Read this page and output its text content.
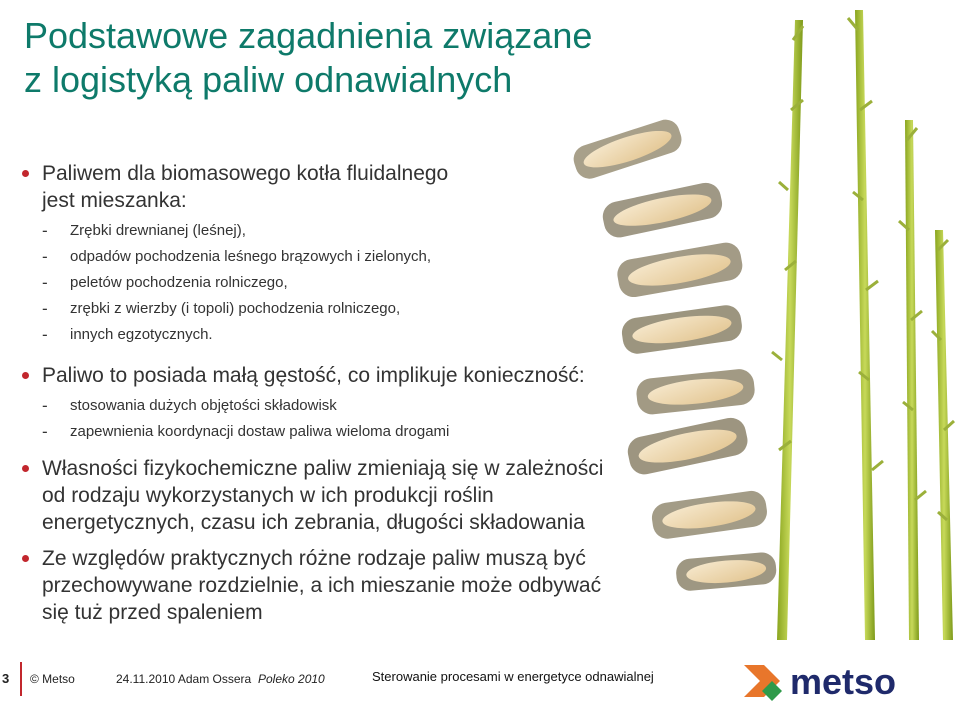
Podstawowe zagadnienia związane
z logistyką paliw odnawialnych
Paliwem dla biomasowego kotła fluidalnego
jest mieszanka:
- Zrębki drewnianej (leśnej),
- odpadów pochodzenia leśnego brązowych i zielonych,
- peletów pochodzenia rolniczego,
- zrębki z wierzby (i topoli) pochodzenia rolniczego,
- innych egzotycznych.
Paliwo to posiada małą gęstość, co implikuje konieczność:
- stosowania dużych objętości składowisk
- zapewnienia koordynacji dostaw paliwa wieloma drogami
Własności fizykochemiczne paliw zmieniają się w zależności
od rodzaju wykorzystanych w ich produkcji roślin
energetycznych, czasu ich zebrania, długości składowania
Ze względów praktycznych różne rodzaje paliw muszą być
przechowywane rozdzielnie, a ich mieszanie może odbywać
się tuż przed spaleniem
3 © Metso	24.11.2010 Adam Ossera Poleko 2010	Sterowanie procesami w energetyce odnawialnej	metso
